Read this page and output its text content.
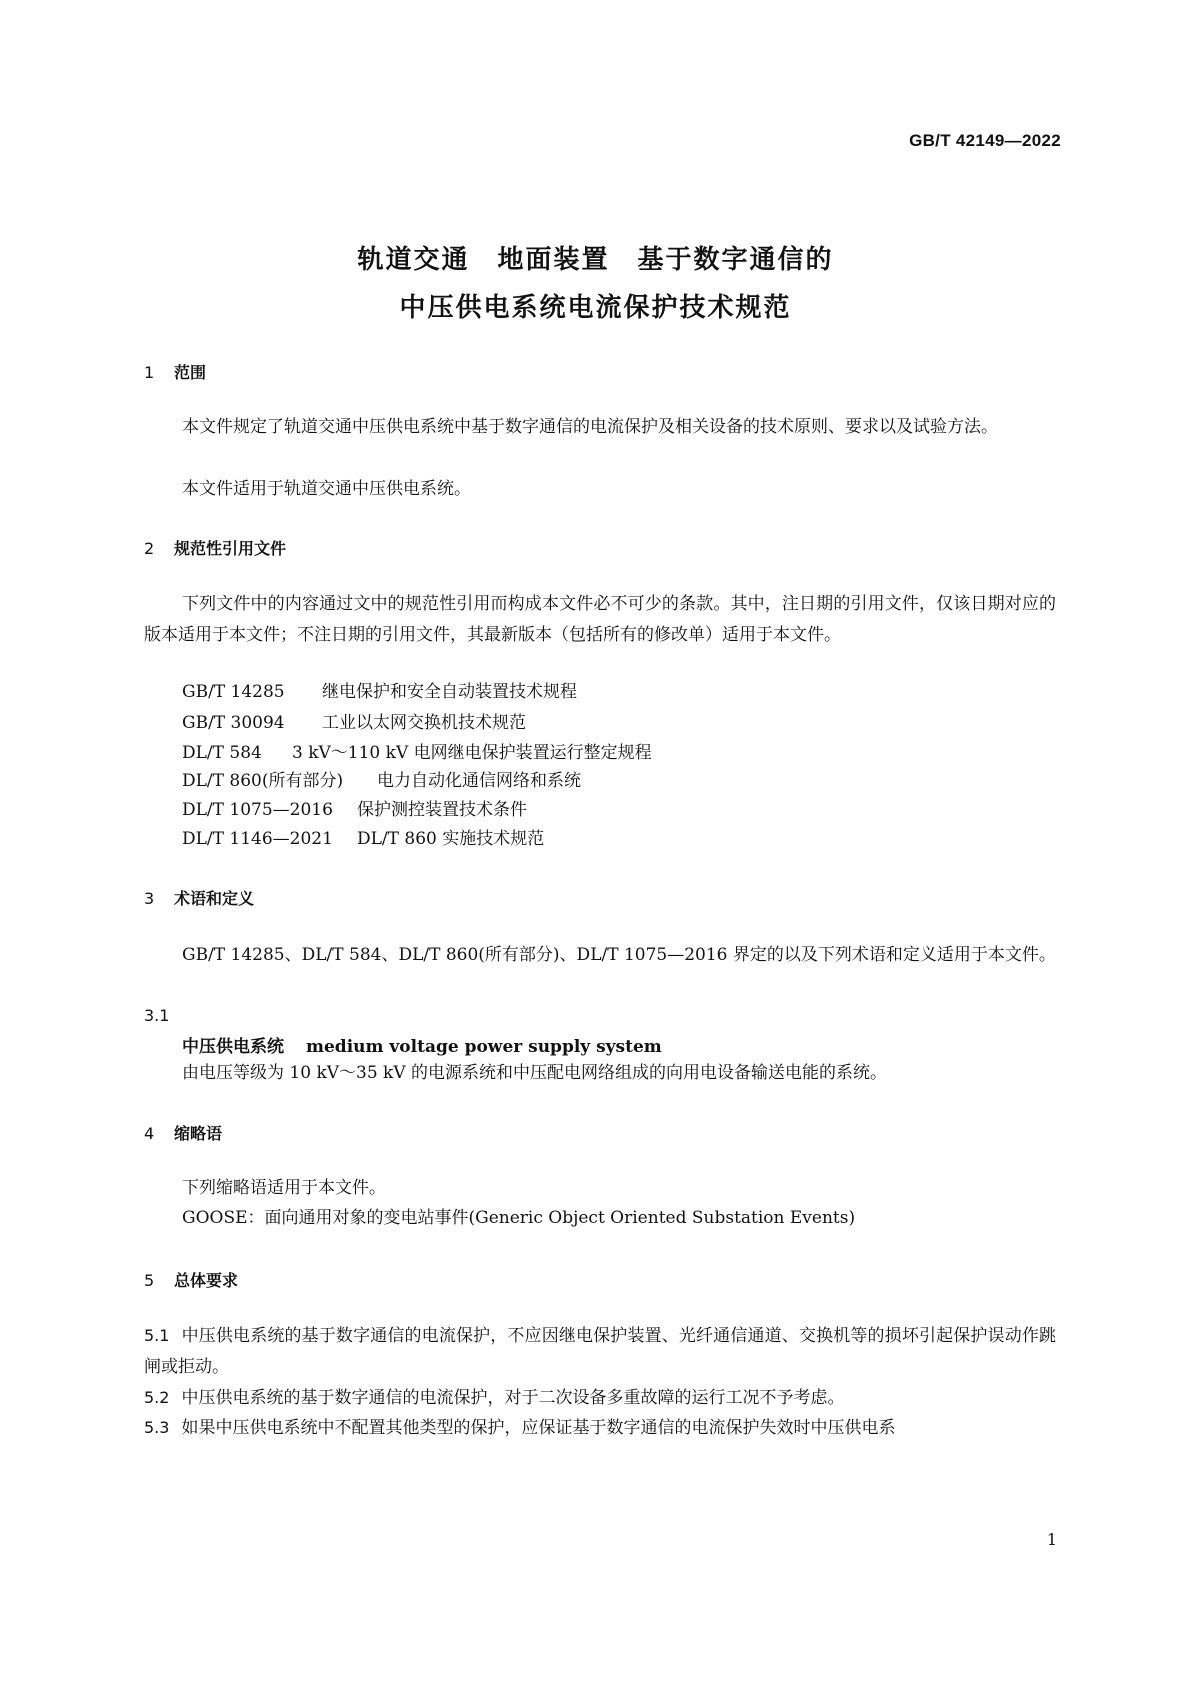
GB/T 42149—2022
轨道交通　地面装置　基于数字通信的
中压供电系统电流保护技术规范
1 范围
本文件规定了轨道交通中压供电系统中基于数字通信的电流保护及相关设备的技术原则、要求以及试验方法。
本文件适用于轨道交通中压供电系统。
2 规范性引用文件
下列文件中的内容通过文中的规范性引用而构成本文件必不可少的条款。其中，注日期的引用文件，仅该日期对应的版本适用于本文件；不注日期的引用文件，其最新版本（包括所有的修改单）适用于本文件。
GB/T 14285 继电保护和安全自动装置技术规程
GB/T 30094 工业以太网交换机技术规范
DL/T 584 3 kV～110 kV 电网继电保护装置运行整定规程
DL/T 860(所有部分) 电力自动化通信网络和系统
DL/T 1075—2016 保护测控装置技术条件
DL/T 1146—2021 DL/T 860 实施技术规范
3 术语和定义
GB/T 14285、DL/T 584、DL/T 860(所有部分)、DL/T 1075—2016 界定的以及下列术语和定义适用于本文件。
3.1
中压供电系统 medium voltage power supply system
由电压等级为 10 kV～35 kV 的电源系统和中压配电网络组成的向用电设备输送电能的系统。
4 缩略语
下列缩略语适用于本文件。
GOOSE：面向通用对象的变电站事件(Generic Object Oriented Substation Events)
5 总体要求
5.1 中压供电系统的基于数字通信的电流保护，不应因继电保护装置、光纤通信通道、交换机等的损坏引起保护误动作跳闸或拒动。
5.2 中压供电系统的基于数字通信的电流保护，对于二次设备多重故障的运行工况不予考虑。
5.3 如果中压供电系统中不配置其他类型的保护，应保证基于数字通信的电流保护失效时中压供电系
1
